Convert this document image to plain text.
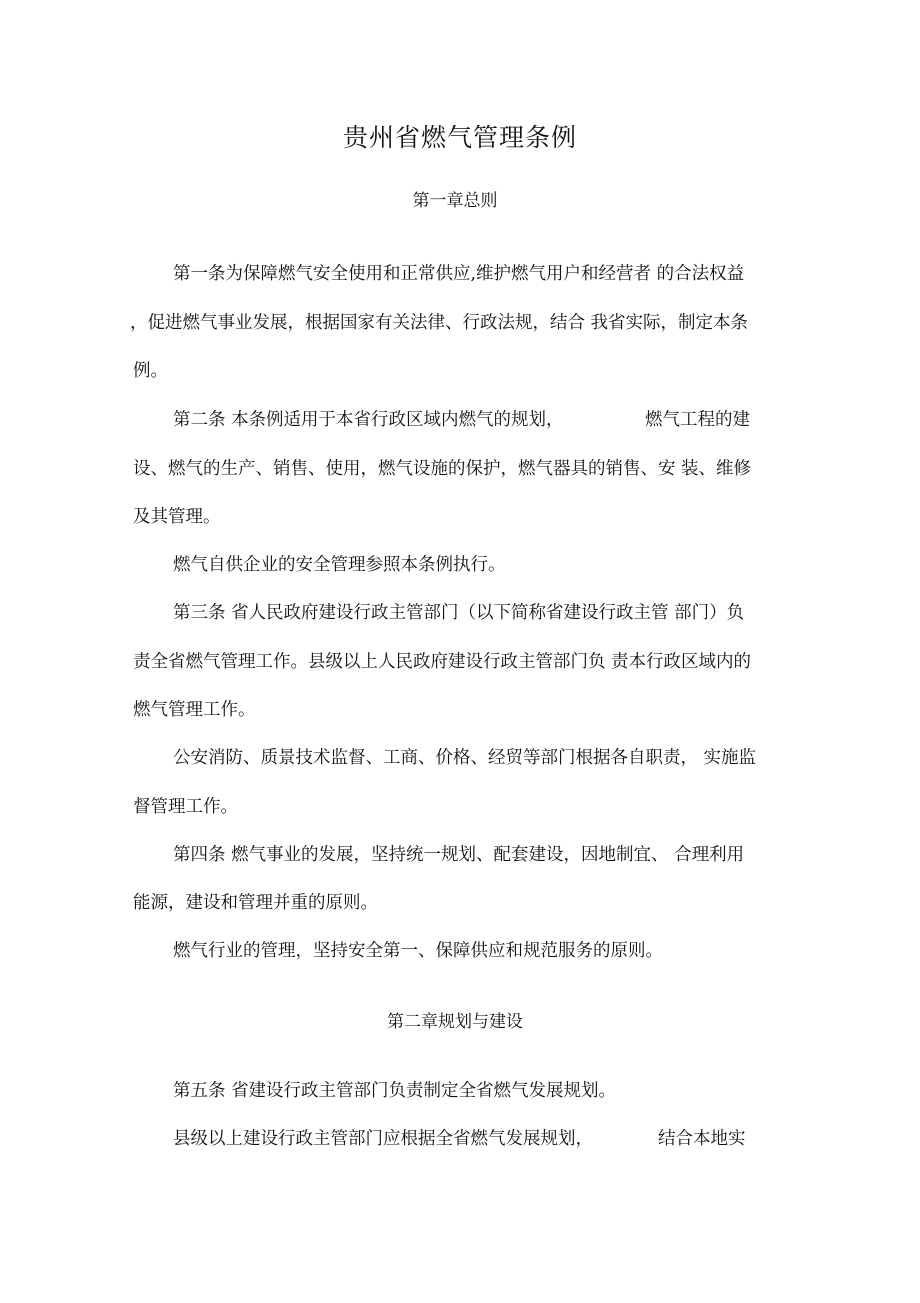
贵州省燃气管理条例
第一章总则
第一条为保障燃气安全使用和正常供应,维护燃气用户和经营者 的合法权益
，促进燃气事业发展，根据国家有关法律、行政法规，结合 我省实际，制定本条
例。
第二条 本条例适用于本省行政区域内燃气的规划，	燃气工程的建
设、燃气的生产、销售、使用，燃气设施的保护，燃气器具的销售、安 装、维修
及其管理。
燃气自供企业的安全管理参照本条例执行。
第三条 省人民政府建设行政主管部门（以下简称省建设行政主管 部门）负
责全省燃气管理工作。县级以上人民政府建设行政主管部门负 责本行政区域内的
燃气管理工作。
公安消防、质景技术监督、工商、价格、经贸等部门根据各自职责， 实施监
督管理工作。
第四条 燃气事业的发展，坚持统一规划、配套建设，因地制宜、 合理利用
能源，建设和管理并重的原则。
燃气行业的管理，坚持安全第一、保障供应和规范服务的原则。
第二章规划与建设
第五条 省建设行政主管部门负责制定全省燃气发展规划。
县级以上建设行政主管部门应根据全省燃气发展规划，	结合本地实
